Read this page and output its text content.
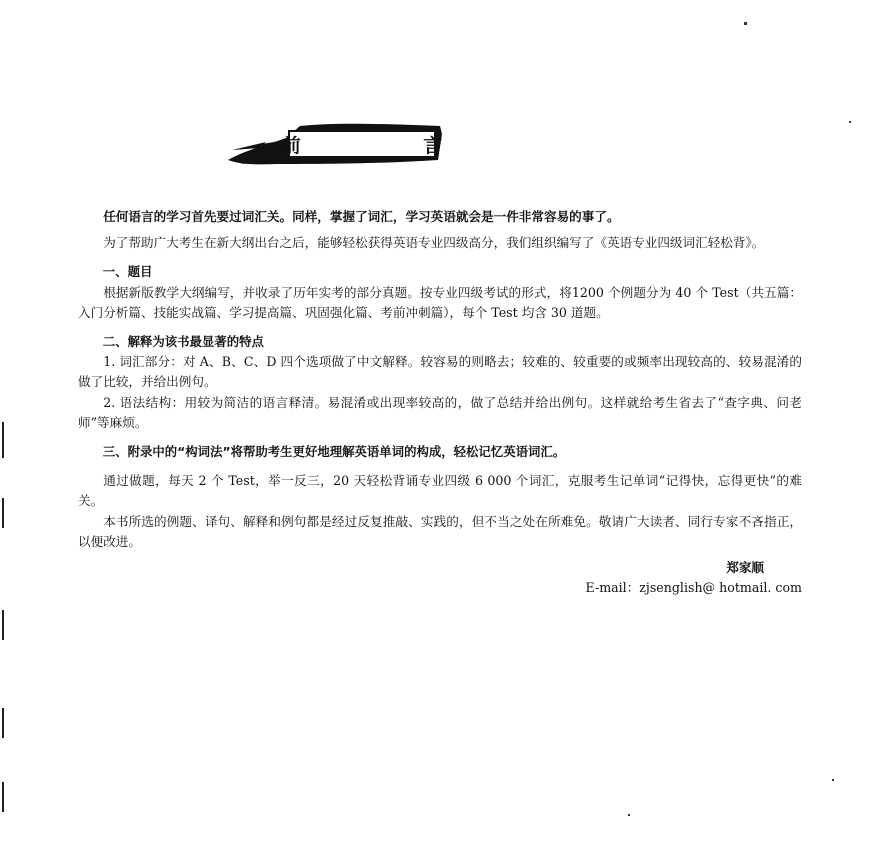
前 言

任何语言的学习首先要过词汇关。同样，掌握了词汇，学习英语就会是一件非常容易的事了。

为了帮助广大考生在新大纲出台之后，能够轻松获得英语专业四级高分，我们组织编写了《英语专业四级词汇轻松背》。

一、题目

根据新版教学大纲编写，并收录了历年实考的部分真题。按专业四级考试的形式，将1200 个例题分为 40 个 Test（共五篇：入门分析篇、技能实战篇、学习提高篇、巩固强化篇、考前冲刺篇），每个 Test 均含 30 道题。

二、解释为该书最显著的特点

1. 词汇部分：对 A、B、C、D 四个选项做了中文解释。较容易的则略去；较难的、较重要的或频率出现较高的、较易混淆的做了比较，并给出例句。

2. 语法结构：用较为简洁的语言释清。易混淆或出现率较高的，做了总结并给出例句。这样就给考生省去了“查字典、问老师”等麻烦。

三、附录中的“构词法”将帮助考生更好地理解英语单词的构成，轻松记忆英语词汇。

通过做题，每天 2 个 Test，举一反三，20 天轻松背诵专业四级 6 000 个词汇，克服考生记单词“记得快，忘得更快”的难关。

本书所选的例题、译句、解释和例句都是经过反复推敲、实践的，但不当之处在所难免。敬请广大读者、同行专家不吝指正，以便改进。

郑家顺

E-mail：zjsenglish@ hotmail. com
